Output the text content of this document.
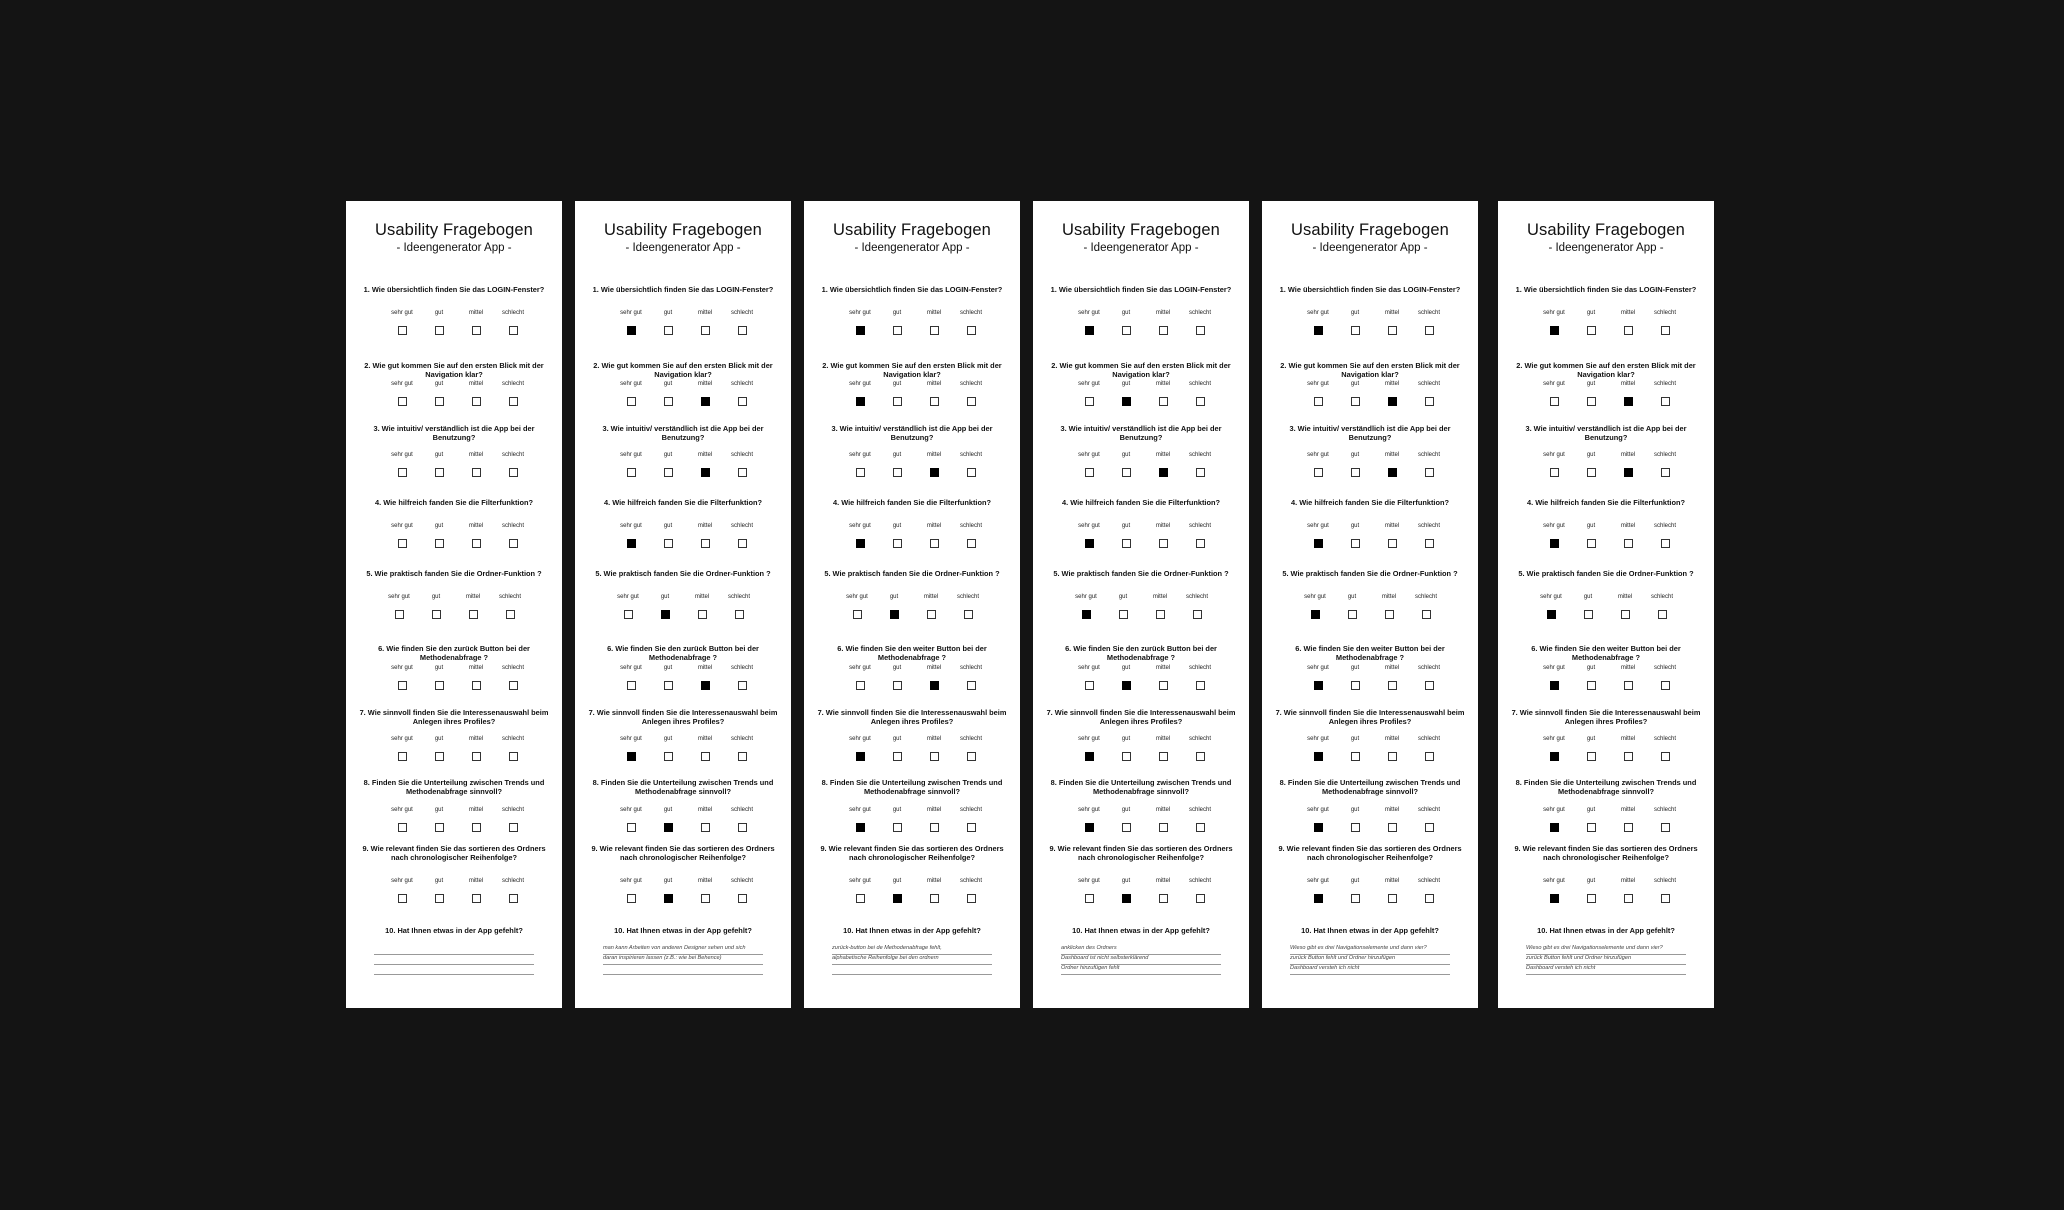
Usability Fragebogen
- Ideengenerator App -
1. Wie übersichtlich finden Sie das LOGIN-Fenster?
sehr gut	gut	mittel	schlecht
2. Wie gut kommen Sie auf den ersten Blick mit der Navigation klar?
sehr gut	gut	mittel	schlecht
3. Wie intuitiv/ verständlich ist die App bei der Benutzung?
sehr gut	gut	mittel	schlecht
4. Wie hilfreich fanden Sie die Filterfunktion?
sehr gut	gut	mittel	schlecht
5. Wie praktisch fanden Sie die Ordner-Funktion ?
sehr gut	gut	mittel	schlecht
6. Wie finden Sie den zurück Button bei der Methodenabfrage ?
sehr gut	gut	mittel	schlecht
7. Wie sinnvoll finden Sie die Interessenauswahl beim Anlegen ihres Profiles?
sehr gut	gut	mittel	schlecht
8. Finden Sie die Unterteilung zwischen Trends und Methodenabfrage sinnvoll?
sehr gut	gut	mittel	schlecht
9. Wie relevant finden Sie das sortieren des Ordners nach chronologischer Reihenfolge?
sehr gut	gut	mittel	schlecht
10. Hat Ihnen etwas in der App gefehlt?
Usability Fragebogen
- Ideengenerator App -
1. Wie übersichtlich finden Sie das LOGIN-Fenster?
sehr gut	gut	mittel	schlecht
2. Wie gut kommen Sie auf den ersten Blick mit der Navigation klar?
sehr gut	gut	mittel	schlecht
3. Wie intuitiv/ verständlich ist die App bei der Benutzung?
sehr gut	gut	mittel	schlecht
4. Wie hilfreich fanden Sie die Filterfunktion?
sehr gut	gut	mittel	schlecht
5. Wie praktisch fanden Sie die Ordner-Funktion ?
sehr gut	gut	mittel	schlecht
6. Wie finden Sie den zurück Button bei der Methodenabfrage ?
sehr gut	gut	mittel	schlecht
7. Wie sinnvoll finden Sie die Interessenauswahl beim Anlegen ihres Profiles?
sehr gut	gut	mittel	schlecht
8. Finden Sie die Unterteilung zwischen Trends und Methodenabfrage sinnvoll?
sehr gut	gut	mittel	schlecht
9. Wie relevant finden Sie das sortieren des Ordners nach chronologischer Reihenfolge?
sehr gut	gut	mittel	schlecht
10. Hat Ihnen etwas in der App gefehlt?
man kann Arbeiten von anderen Designer sehen und sich
daran inspirieren lassen (z.B.: wie bei Behence)
Usability Fragebogen
- Ideengenerator App -
1. Wie übersichtlich finden Sie das LOGIN-Fenster?
sehr gut	gut	mittel	schlecht
2. Wie gut kommen Sie auf den ersten Blick mit der Navigation klar?
sehr gut	gut	mittel	schlecht
3. Wie intuitiv/ verständlich ist die App bei der Benutzung?
sehr gut	gut	mittel	schlecht
4. Wie hilfreich fanden Sie die Filterfunktion?
sehr gut	gut	mittel	schlecht
5. Wie praktisch fanden Sie die Ordner-Funktion ?
sehr gut	gut	mittel	schlecht
6. Wie finden Sie den weiter Button bei der Methodenabfrage ?
sehr gut	gut	mittel	schlecht
7. Wie sinnvoll finden Sie die Interessenauswahl beim Anlegen ihres Profiles?
sehr gut	gut	mittel	schlecht
8. Finden Sie die Unterteilung zwischen Trends und Methodenabfrage sinnvoll?
sehr gut	gut	mittel	schlecht
9. Wie relevant finden Sie das sortieren des Ordners nach chronologischer Reihenfolge?
sehr gut	gut	mittel	schlecht
10. Hat Ihnen etwas in der App gefehlt?
zurück-button bei de Methodenabfrage fehlt,
alphabetische Reihenfolge bei den ordnern
Usability Fragebogen
- Ideengenerator App -
1. Wie übersichtlich finden Sie das LOGIN-Fenster?
sehr gut	gut	mittel	schlecht
2. Wie gut kommen Sie auf den ersten Blick mit der Navigation klar?
sehr gut	gut	mittel	schlecht
3. Wie intuitiv/ verständlich ist die App bei der Benutzung?
sehr gut	gut	mittel	schlecht
4. Wie hilfreich fanden Sie die Filterfunktion?
sehr gut	gut	mittel	schlecht
5. Wie praktisch fanden Sie die Ordner-Funktion ?
sehr gut	gut	mittel	schlecht
6. Wie finden Sie den zurück Button bei der Methodenabfrage ?
sehr gut	gut	mittel	schlecht
7. Wie sinnvoll finden Sie die Interessenauswahl beim Anlegen ihres Profiles?
sehr gut	gut	mittel	schlecht
8. Finden Sie die Unterteilung zwischen Trends und Methodenabfrage sinnvoll?
sehr gut	gut	mittel	schlecht
9. Wie relevant finden Sie das sortieren des Ordners nach chronologischer Reihenfolge?
sehr gut	gut	mittel	schlecht
10. Hat Ihnen etwas in der App gefehlt?
anklicken des Ordners
Dashboard ist nicht selbsterklärend
Ordner hinzufügen fehlt
Usability Fragebogen
- Ideengenerator App -
1. Wie übersichtlich finden Sie das LOGIN-Fenster?
sehr gut	gut	mittel	schlecht
2. Wie gut kommen Sie auf den ersten Blick mit der Navigation klar?
sehr gut	gut	mittel	schlecht
3. Wie intuitiv/ verständlich ist die App bei der Benutzung?
sehr gut	gut	mittel	schlecht
4. Wie hilfreich fanden Sie die Filterfunktion?
sehr gut	gut	mittel	schlecht
5. Wie praktisch fanden Sie die Ordner-Funktion ?
sehr gut	gut	mittel	schlecht
6. Wie finden Sie den weiter Button bei der Methodenabfrage ?
sehr gut	gut	mittel	schlecht
7. Wie sinnvoll finden Sie die Interessenauswahl beim Anlegen ihres Profiles?
sehr gut	gut	mittel	schlecht
8. Finden Sie die Unterteilung zwischen Trends und Methodenabfrage sinnvoll?
sehr gut	gut	mittel	schlecht
9. Wie relevant finden Sie das sortieren des Ordners nach chronologischer Reihenfolge?
sehr gut	gut	mittel	schlecht
10. Hat Ihnen etwas in der App gefehlt?
Wieso gibt es drei Navigationselemente und dann vier?
zurück Button fehlt und Ordner hinzufügen
Dashboard versteh ich nicht
Usability Fragebogen
- Ideengenerator App -
1. Wie übersichtlich finden Sie das LOGIN-Fenster?
sehr gut	gut	mittel	schlecht
2. Wie gut kommen Sie auf den ersten Blick mit der Navigation klar?
sehr gut	gut	mittel	schlecht
3. Wie intuitiv/ verständlich ist die App bei der Benutzung?
sehr gut	gut	mittel	schlecht
4. Wie hilfreich fanden Sie die Filterfunktion?
sehr gut	gut	mittel	schlecht
5. Wie praktisch fanden Sie die Ordner-Funktion ?
sehr gut	gut	mittel	schlecht
6. Wie finden Sie den weiter Button bei der Methodenabfrage ?
sehr gut	gut	mittel	schlecht
7. Wie sinnvoll finden Sie die Interessenauswahl beim Anlegen ihres Profiles?
sehr gut	gut	mittel	schlecht
8. Finden Sie die Unterteilung zwischen Trends und Methodenabfrage sinnvoll?
sehr gut	gut	mittel	schlecht
9. Wie relevant finden Sie das sortieren des Ordners nach chronologischer Reihenfolge?
sehr gut	gut	mittel	schlecht
10. Hat Ihnen etwas in der App gefehlt?
Wieso gibt es drei Navigationselemente und dann vier?
zurück Button fehlt und Ordner hinzufügen
Dashboard versteh ich nicht
